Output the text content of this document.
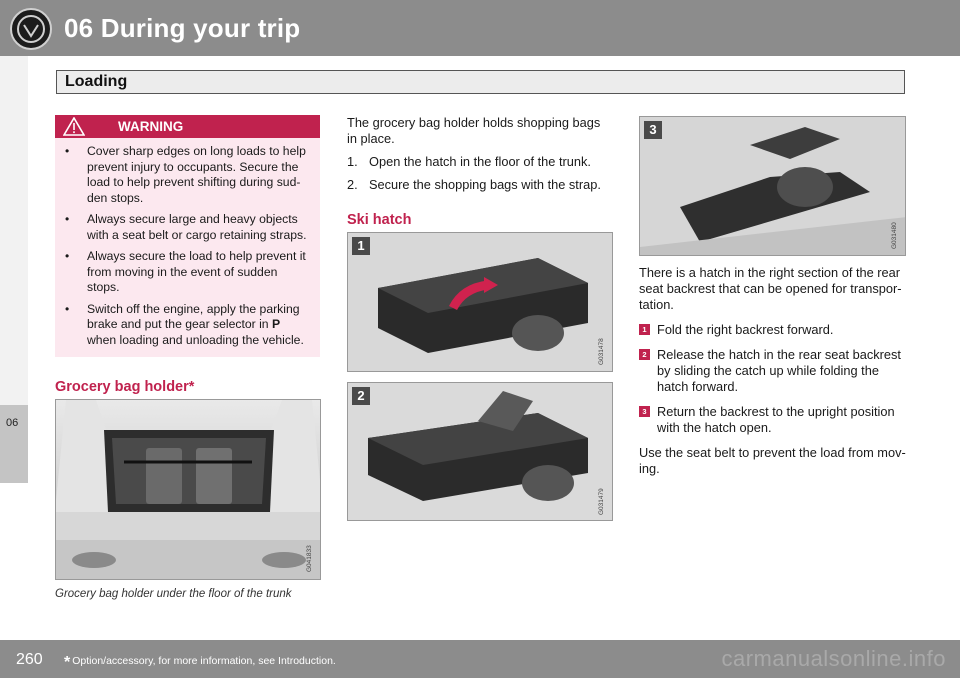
06 During your trip
06
Loading
WARNING
• Cover sharp edges on long loads to help prevent injury to occupants. Secure the load to help prevent shifting during sud-den stops.
• Always secure large and heavy objects with a seat belt or cargo retaining straps.
• Always secure the load to help prevent it from moving in the event of sudden stops.
• Switch off the engine, apply the parking brake and put the gear selector in P when loading and unloading the vehicle.
Grocery bag holder*
G041833
Grocery bag holder under the floor of the trunk

The grocery bag holder holds shopping bags in place.

1. Open the hatch in the floor of the trunk.
2. Secure the shopping bags with the strap.
Ski hatch
1
G031478
2
G031479
3
G031480

There is a hatch in the right section of the rear seat backrest that can be opened for transpor-tation.

1 Fold the right backrest forward.
2 Release the hatch in the rear seat backrest by sliding the catch up while folding the hatch forward.
3 Return the backrest to the upright position with the hatch open.

Use the seat belt to prevent the load from mov-ing.

260 * Option/accessory, for more information, see Introduction.	carmanualsonline.info
